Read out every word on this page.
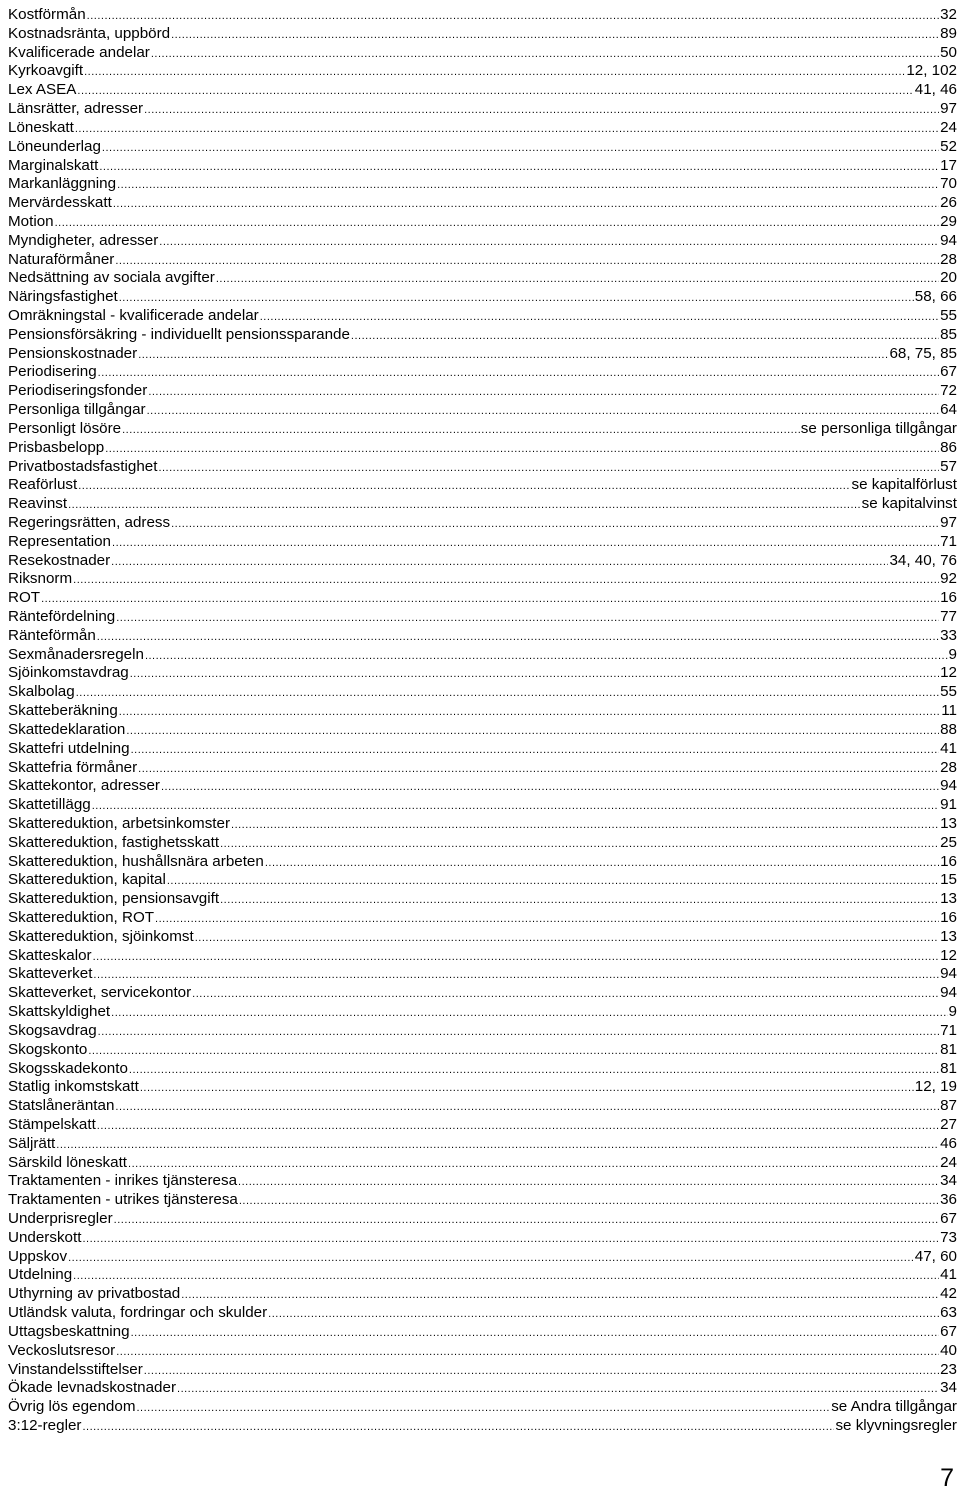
Kostförmån .....	32
Kostnadsränta, uppbörd .....	89
Kvalificerade andelar .....	50
Kyrkoavgift .....	12, 102
Lex ASEA .....	41, 46
Länsrätter, adresser .....	97
Löneskatt .....	24
Löneunderlag .....	52
Marginalskatt .....	17
Markanläggning .....	70
Mervärdesskatt .....	26
Motion .....	29
Myndigheter, adresser .....	94
Naturaförmåner .....	28
Nedsättning av sociala avgifter .....	20
Näringsfastighet .....	58, 66
Omräkningstal - kvalificerade andelar .....	55
Pensionsförsäkring - individuellt pensionssparande .....	85
Pensionskostnader .....	68, 75, 85
Periodisering .....	67
Periodiseringsfonder .....	72
Personliga tillgångar .....	64
Personligt lösöre .....	se personliga tillgångar
Prisbasbelopp .....	86
Privatbostadsfastighet .....	57
Reaförlust .....	se kapitalförlust
Reavinst .....	se kapitalvinst
Regeringsrätten, adress .....	97
Representation .....	71
Resekostnader .....	34, 40, 76
Riksnorm .....	92
ROT .....	16
Räntefördelning .....	77
Ränteförmån .....	33
Sexmånadersregeln .....	9
Sjöinkomstavdrag .....	12
Skalbolag .....	55
Skatteberäkning .....	11
Skattedeklaration .....	88
Skattefri utdelning .....	41
Skattefria förmåner .....	28
Skattekontor, adresser .....	94
Skattetillägg .....	91
Skattereduktion, arbetsinkomster .....	13
Skattereduktion, fastighetsskatt .....	25
Skattereduktion, hushållsnära arbeten .....	16
Skattereduktion, kapital .....	15
Skattereduktion, pensionsavgift .....	13
Skattereduktion, ROT .....	16
Skattereduktion, sjöinkomst .....	13
Skatteskalor .....	12
Skatteverket .....	94
Skatteverket, servicekontor .....	94
Skattskyldighet .....	9
Skogsavdrag .....	71
Skogskonto .....	81
Skogsskadekonto .....	81
Statlig inkomstskatt .....	12, 19
Statslåneräntan .....	87
Stämpelskatt .....	27
Säljrätt .....	46
Särskild löneskatt .....	24
Traktamenten - inrikes tjänsteresa .....	34
Traktamenten - utrikes tjänsteresa .....	36
Underprisregler .....	67
Underskott .....	73
Uppskov .....	47, 60
Utdelning .....	41
Uthyrning av privatbostad .....	42
Utländsk valuta, fordringar och skulder .....	63
Uttagsbeskattning .....	67
Veckoslutsresor .....	40
Vinstandelsstiftelser .....	23
Ökade levnadskostnader .....	34
Övrig lös egendom .....	se Andra tillgångar
3:12-regler .....	se klyvningsregler
7
